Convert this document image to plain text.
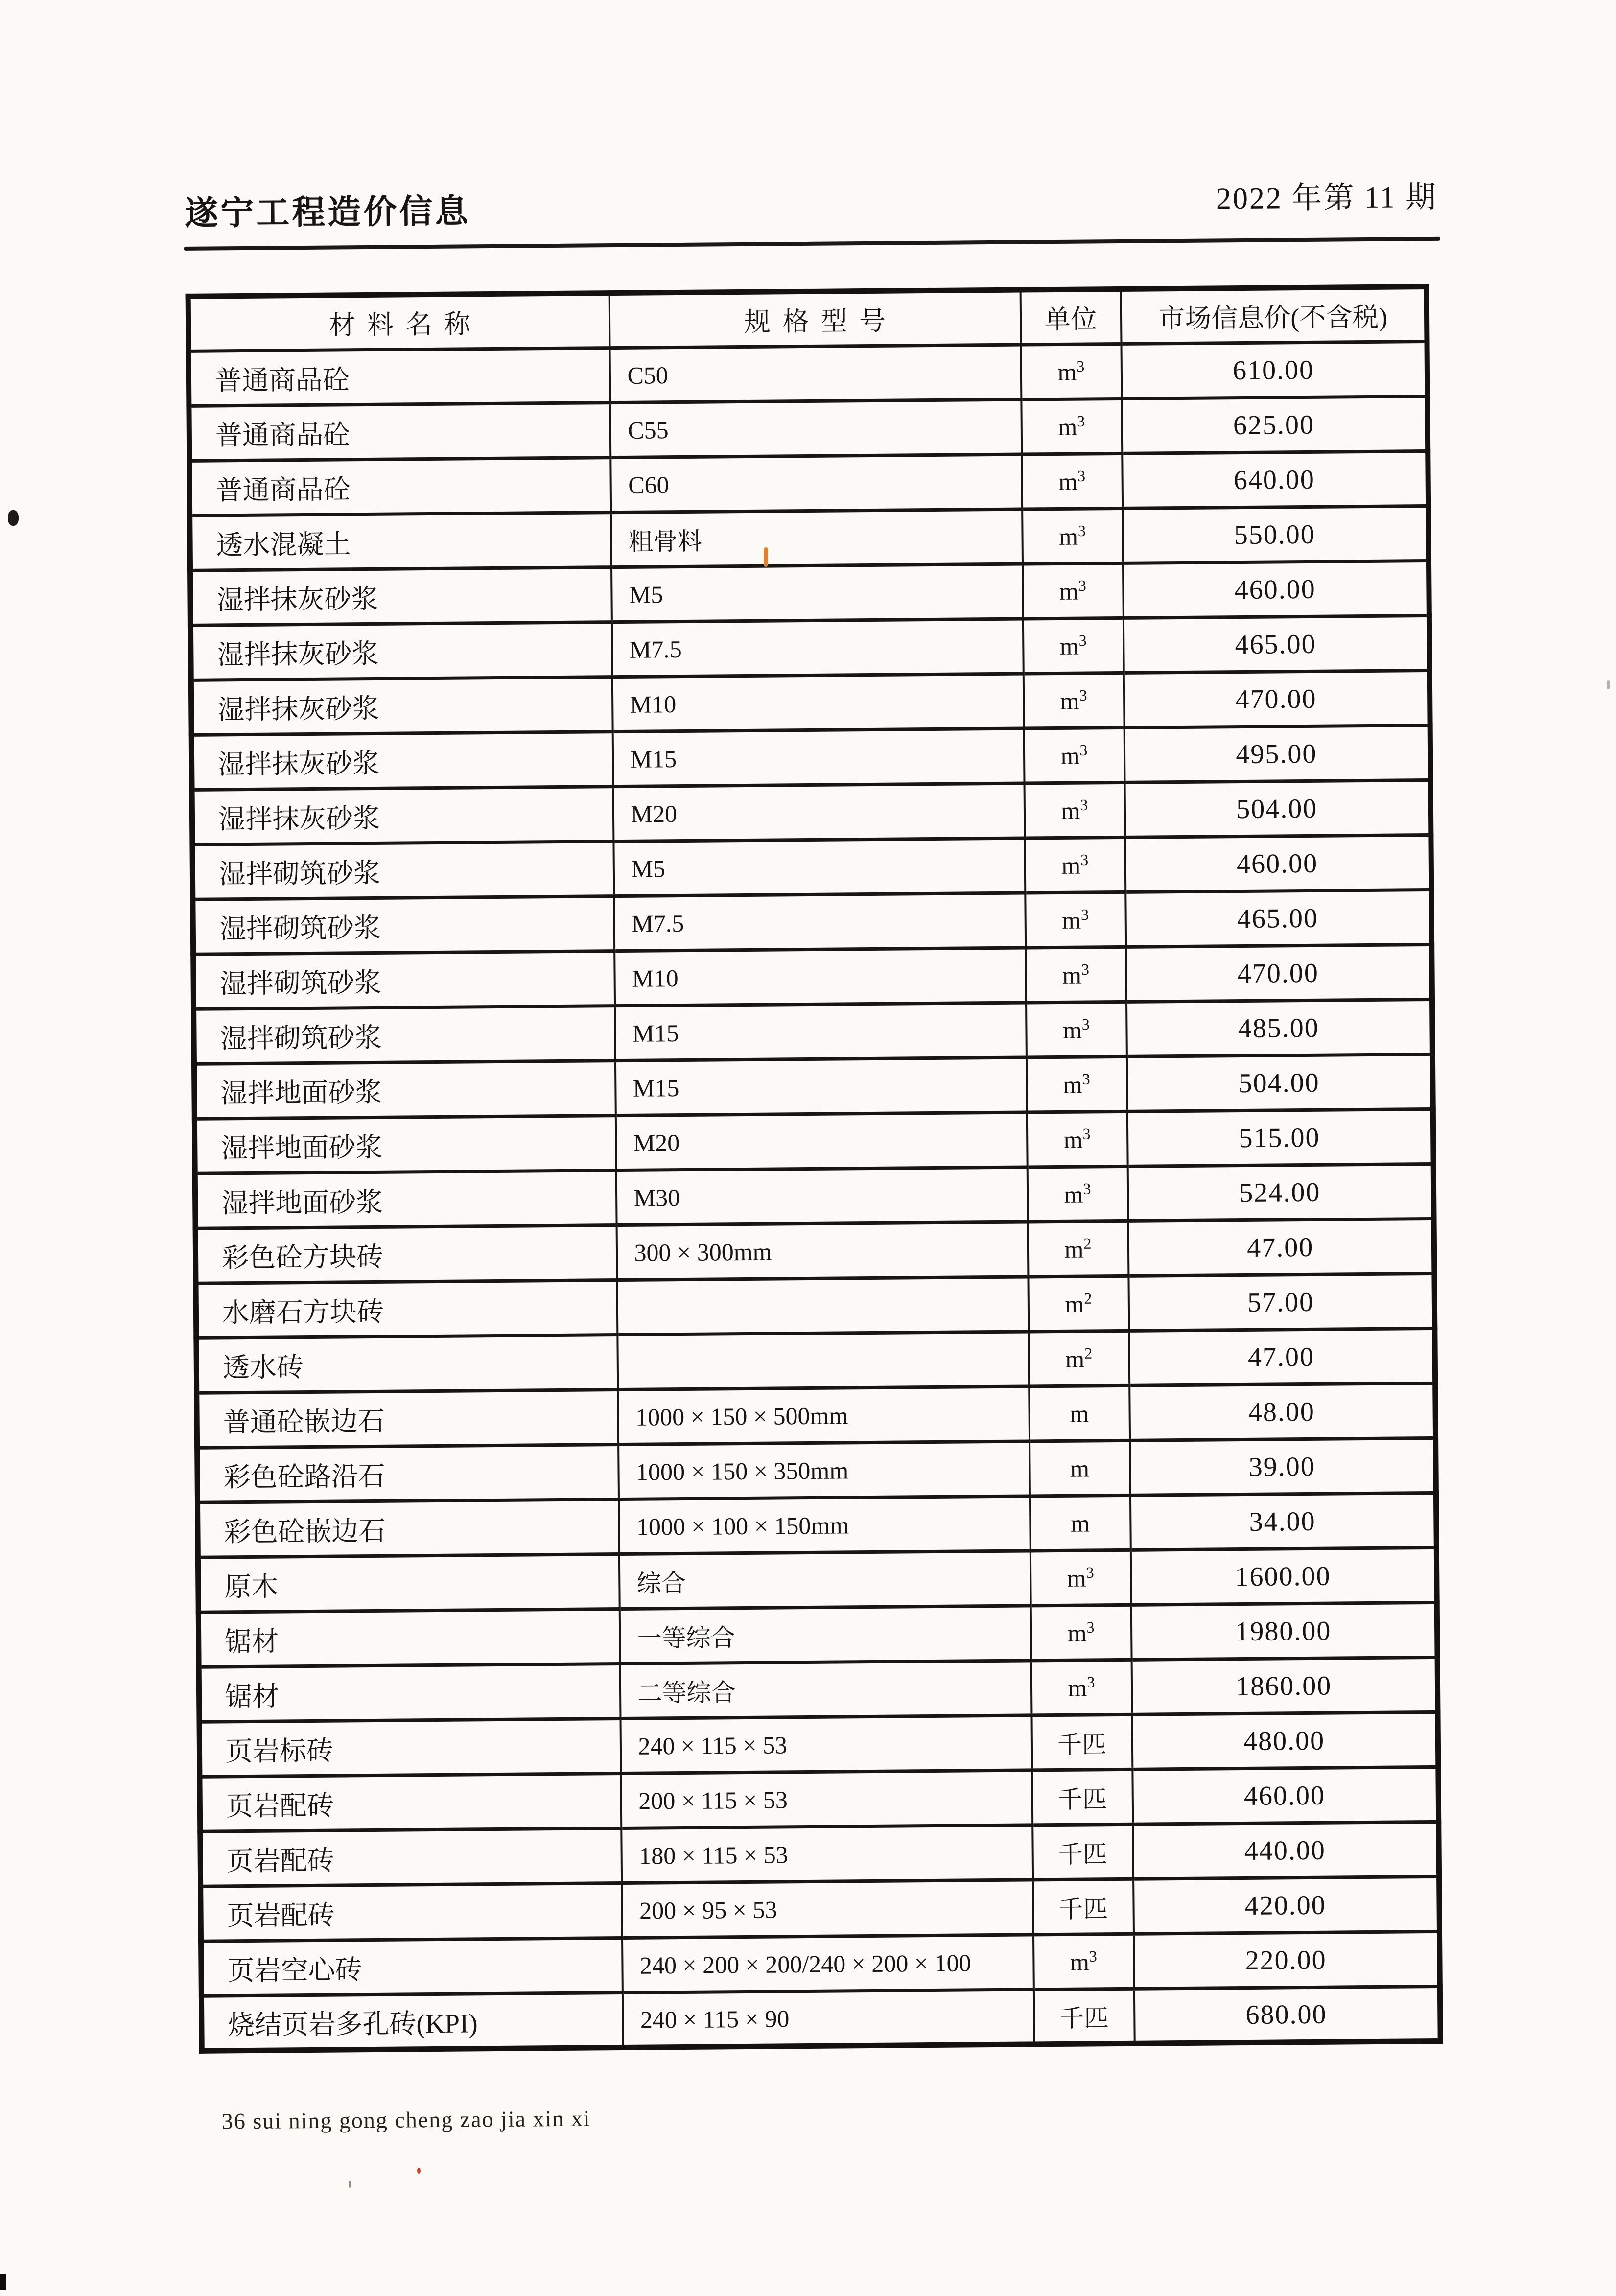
遂宁工程造价信息	2022 年第 11 期
材料名称	规格型号	单位	市场信息价(不含税)
普通商品砼	C50	$m^3$	610.00
普通商品砼	C55	$m^3$	625.00
普通商品砼	C60	$m^3$	640.00
透水混凝土	粗骨料	$m^3$	550.00
湿拌抹灰砂浆	M5	$m^3$	460.00
湿拌抹灰砂浆	M7.5	$m^3$	465.00
湿拌抹灰砂浆	M10	$m^3$	470.00
湿拌抹灰砂浆	M15	$m^3$	495.00
湿拌抹灰砂浆	M20	$m^3$	504.00
湿拌砌筑砂浆	M5	$m^3$	460.00
湿拌砌筑砂浆	M7.5	$m^3$	465.00
湿拌砌筑砂浆	M10	$m^3$	470.00
湿拌砌筑砂浆	M15	$m^3$	485.00
湿拌地面砂浆	M15	$m^3$	504.00
湿拌地面砂浆	M20	$m^3$	515.00
湿拌地面砂浆	M30	$m^3$	524.00
彩色砼方块砖	300 × 300mm	$m^2$	47.00
水磨石方块砖		$m^2$	57.00
透水砖		$m^2$	47.00
普通砼嵌边石	1000 × 150 × 500mm	m	48.00
彩色砼路沿石	1000 × 150 × 350mm	m	39.00
彩色砼嵌边石	1000 × 100 × 150mm	m	34.00
原木	综合	$m^3$	1600.00
锯材	一等综合	$m^3$	1980.00
锯材	二等综合	$m^3$	1860.00
页岩标砖	240 × 115 × 53	千匹	480.00
页岩配砖	200 × 115 × 53	千匹	460.00
页岩配砖	180 × 115 × 53	千匹	440.00
页岩配砖	200 × 95 × 53	千匹	420.00
页岩空心砖	240 × 200 × 200/240 × 200 × 100	$m^3$	220.00
烧结页岩多孔砖(KPI)	240 × 115 × 90	千匹	680.00
36 sui ning gong cheng zao jia xin xi
